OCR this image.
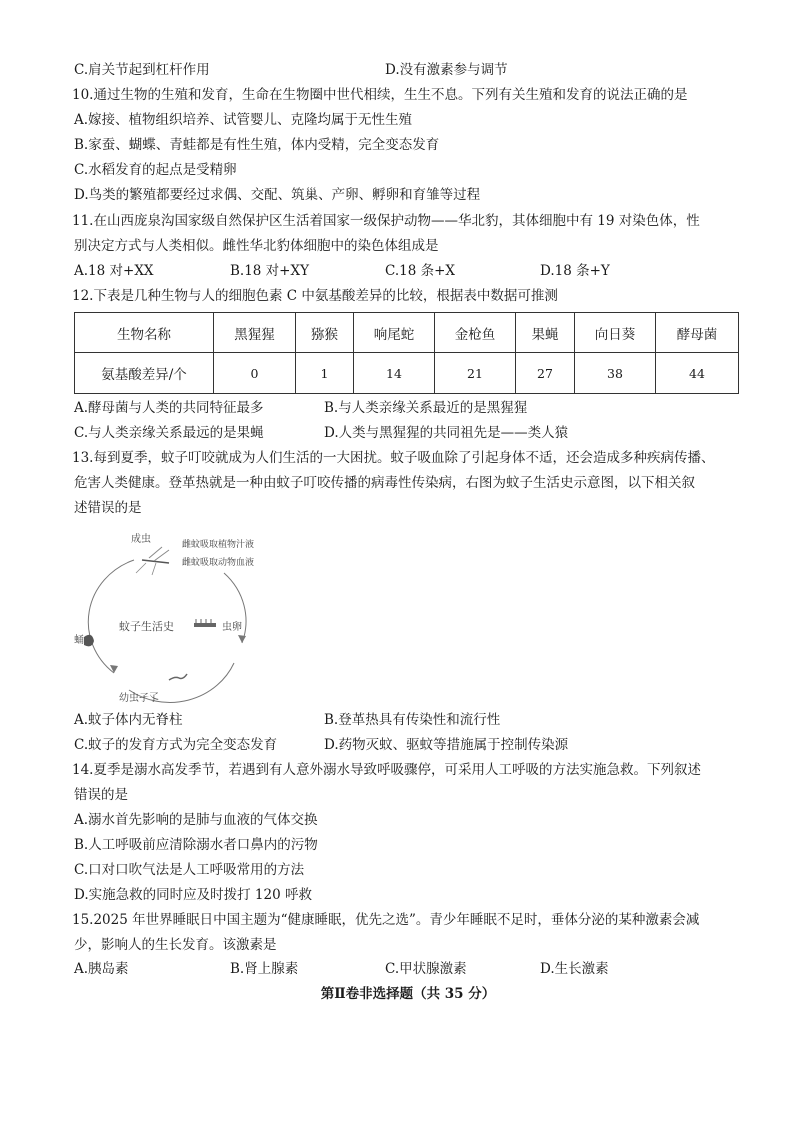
C.肩关节起到杠杆作用	D.没有激素参与调节
10.通过生物的生殖和发育，生命在生物圈中世代相续，生生不息。下列有关生殖和发育的说法正确的是
A.嫁接、植物组织培养、试管婴儿、克隆均属于无性生殖
B.家蚕、蝴蝶、青蛙都是有性生殖，体内受精，完全变态发育
C.水稻发育的起点是受精卵
D.鸟类的繁殖都要经过求偶、交配、筑巢、产卵、孵卵和育雏等过程
11.在山西庞泉沟国家级自然保护区生活着国家一级保护动物——华北豹，其体细胞中有 19 对染色体，性
别决定方式与人类相似。雌性华北豹体细胞中的染色体组成是
A.18 对+XX	B.18 对+XY	C.18 条+X	D.18 条+Y
12.下表是几种生物与人的细胞色素 C 中氨基酸差异的比较，根据表中数据可推测
生物名称	黑猩猩	猕猴	响尾蛇	金枪鱼	果蝇	向日葵	酵母菌
氨基酸差异/个	0	1	14	21	27	38	44
A.酵母菌与人类的共同特征最多	B.与人类亲缘关系最近的是黑猩猩
C.与人类亲缘关系最远的是果蝇	D.人类与黑猩猩的共同祖先是——类人猿
13.每到夏季，蚊子叮咬就成为人们生活的一大困扰。蚊子吸血除了引起身体不适，还会造成多种疾病传播、
危害人类健康。登革热就是一种由蚊子叮咬传播的病毒性传染病，右图为蚊子生活史示意图，以下相关叙
述错误的是
成虫	雌蚊吸取植物汁液
雌蚊吸取动物血液
蚊子生活史	虫卵
蛹
幼虫孑孓
A.蚊子体内无脊柱	B.登革热具有传染性和流行性
C.蚊子的发育方式为完全变态发育	D.药物灭蚊、驱蚊等措施属于控制传染源
14.夏季是溺水高发季节，若遇到有人意外溺水导致呼吸骤停，可采用人工呼吸的方法实施急救。下列叙述
错误的是
A.溺水首先影响的是肺与血液的气体交换
B.人工呼吸前应清除溺水者口鼻内的污物
C.口对口吹气法是人工呼吸常用的方法
D.实施急救的同时应及时拨打 120 呼救
15.2025 年世界睡眠日中国主题为“健康睡眠，优先之选”。青少年睡眠不足时，垂体分泌的某种激素会减
少，影响人的生长发育。该激素是
A.胰岛素	B.肾上腺素	C.甲状腺激素	D.生长激素
第Ⅱ卷非选择题（共 35 分）
